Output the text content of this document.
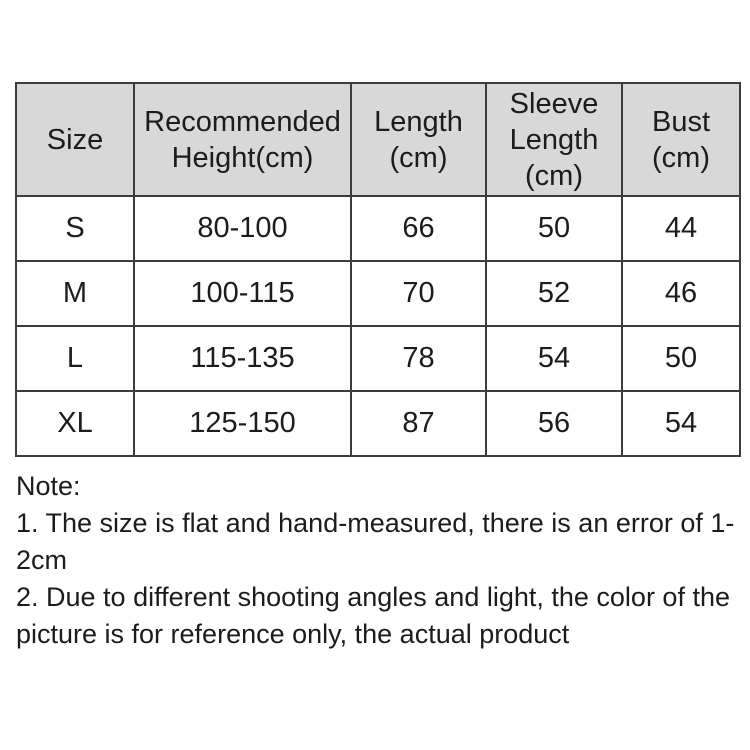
Size	Recommended Height(cm)	Length (cm)	Sleeve Length (cm)	Bust (cm)
S	80-100	66	50	44
M	100-115	70	52	46
L	115-135	78	54	50
XL	125-150	87	56	54

Note:

1. The size is flat and hand-measured, there is an error of 1-2cm

2. Due to different shooting angles and light, the color of the picture is for reference only, the actual product
